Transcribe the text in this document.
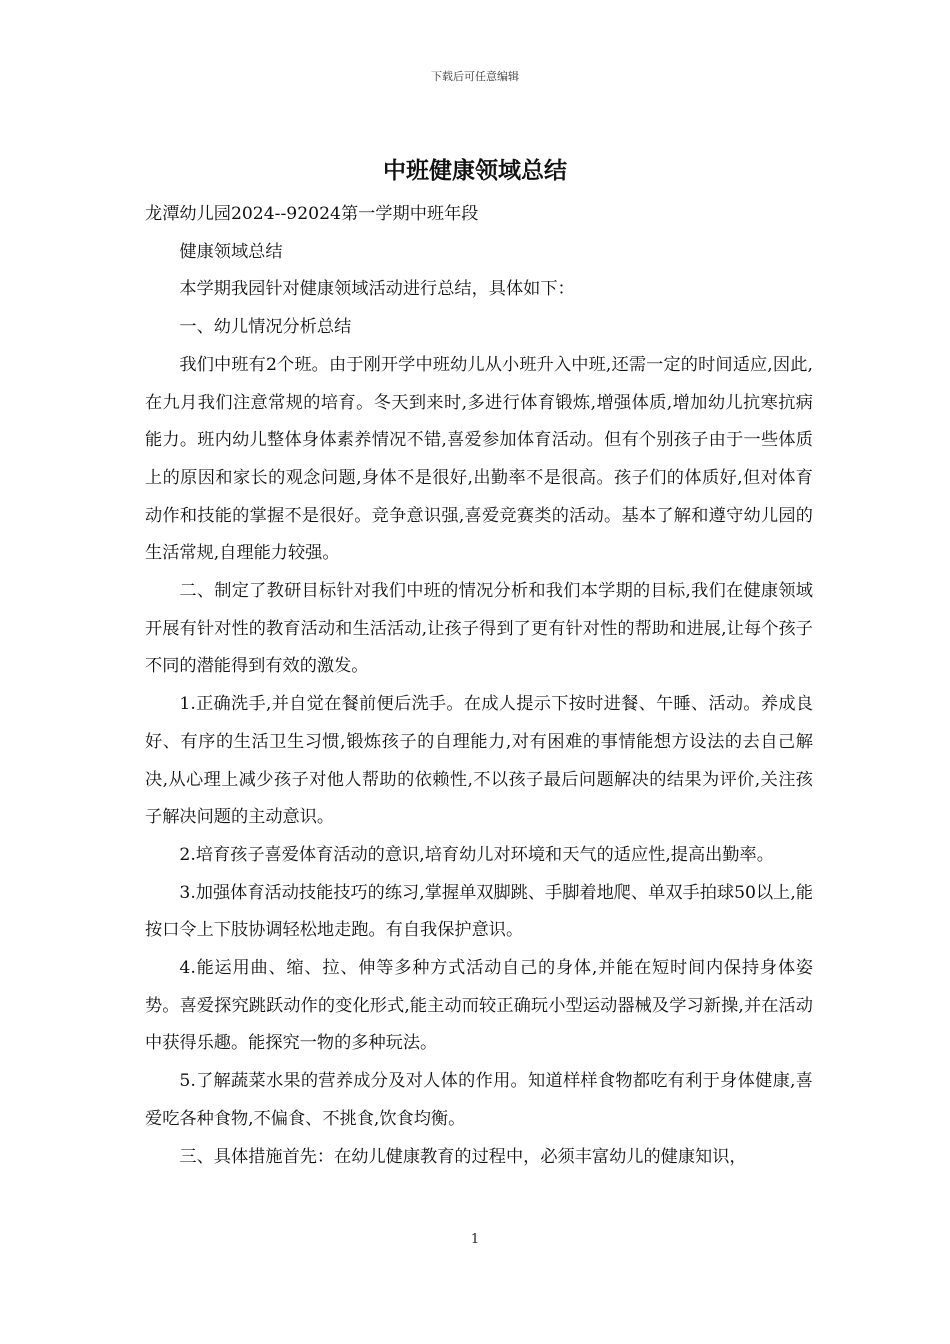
下载后可任意编辑
中班健康领域总结

龙潭幼儿园2024--92024第一学期中班年段

健康领域总结

本学期我园针对健康领域活动进行总结，具体如下：

一、幼儿情况分析总结

我们中班有2个班。由于刚开学中班幼儿从小班升入中班,还需一定的时间适应,因此,在九月我们注意常规的培育。冬天到来时,多进行体育锻炼,增强体质,增加幼儿抗寒抗病能力。班内幼儿整体身体素养情况不错,喜爱参加体育活动。但有个别孩子由于一些体质上的原因和家长的观念问题,身体不是很好,出勤率不是很高。孩子们的体质好,但对体育动作和技能的掌握不是很好。竞争意识强,喜爱竞赛类的活动。基本了解和遵守幼儿园的生活常规,自理能力较强。

二、制定了教研目标针对我们中班的情况分析和我们本学期的目标,我们在健康领域开展有针对性的教育活动和生活活动,让孩子得到了更有针对性的帮助和进展,让每个孩子不同的潜能得到有效的激发。

1.正确洗手,并自觉在餐前便后洗手。在成人提示下按时进餐、午睡、活动。养成良好、有序的生活卫生习惯,锻炼孩子的自理能力,对有困难的事情能想方设法的去自己解决,从心理上减少孩子对他人帮助的依赖性,不以孩子最后问题解决的结果为评价,关注孩子解决问题的主动意识。

2.培育孩子喜爱体育活动的意识,培育幼儿对环境和天气的适应性,提高出勤率。

3.加强体育活动技能技巧的练习,掌握单双脚跳、手脚着地爬、单双手拍球50以上,能按口令上下肢协调轻松地走跑。有自我保护意识。

4.能运用曲、缩、拉、伸等多种方式活动自己的身体,并能在短时间内保持身体姿势。喜爱探究跳跃动作的变化形式,能主动而较正确玩小型运动器械及学习新操,并在活动中获得乐趣。能探究一物的多种玩法。

5.了解蔬菜水果的营养成分及对人体的作用。知道样样食物都吃有利于身体健康,喜爱吃各种食物,不偏食、不挑食,饮食均衡。

三、具体措施首先：在幼儿健康教育的过程中，必须丰富幼儿的健康知识，

1
